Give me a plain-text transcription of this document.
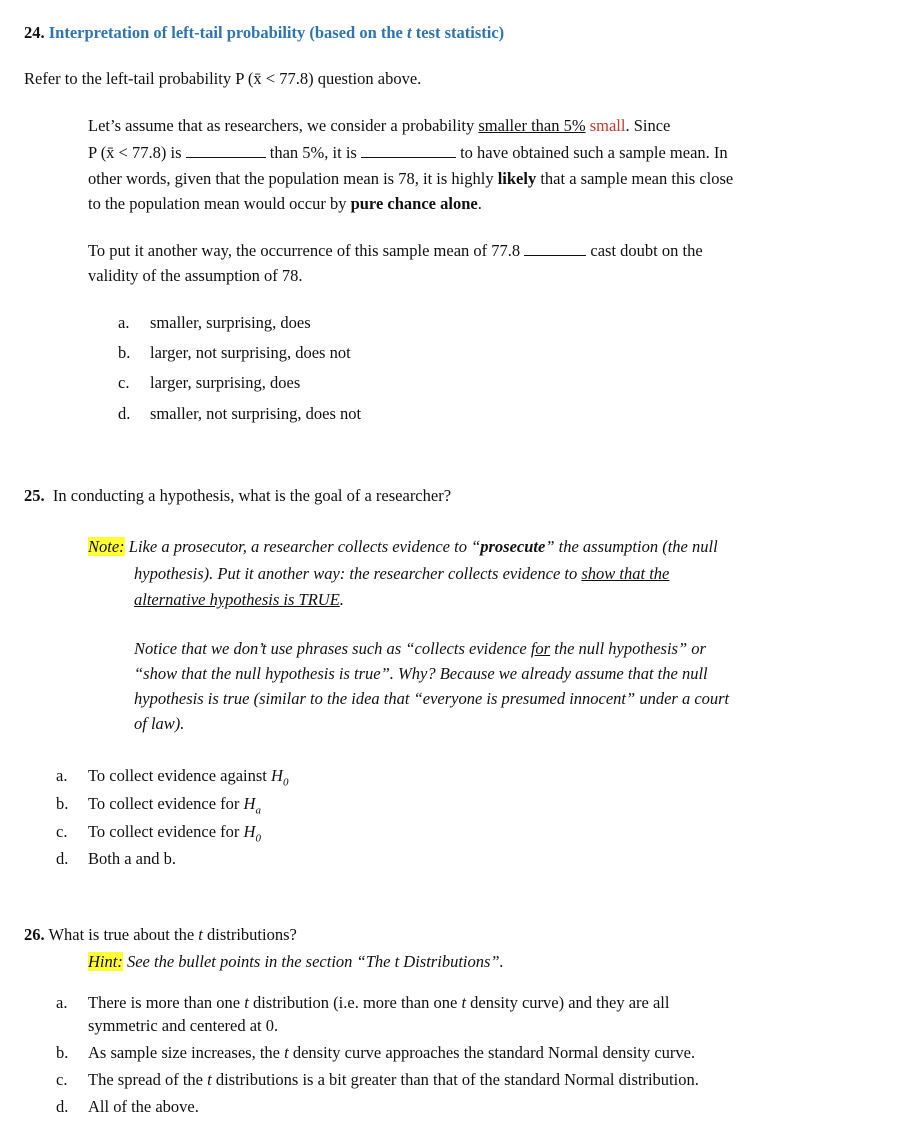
24. Interpretation of left-tail probability (based on the t test statistic)
Refer to the left-tail probability P (x̄ < 77.8) question above.
Let’s assume that as researchers, we consider a probability smaller than 5% small. Since
P (x̄ < 77.8) is	than 5%, it is	to have obtained such a sample mean. In
other words, given that the population mean is 78, it is highly likely that a sample mean this close
to the population mean would occur by pure chance alone.
To put it another way, the occurrence of this sample mean of 77.8	cast doubt on the
validity of the assumption of 78.
a. smaller, surprising, does
b. larger, not surprising, does not
c. larger, surprising, does
d. smaller, not surprising, does not
25. In conducting a hypothesis, what is the goal of a researcher?
Note: Like a prosecutor, a researcher collects evidence to “prosecute” the assumption (the null
hypothesis). Put it another way: the researcher collects evidence to show that the
alternative hypothesis is TRUE.
Notice that we don’t use phrases such as “collects evidence for the null hypothesis” or
“show that the null hypothesis is true”. Why? Because we already assume that the null
hypothesis is true (similar to the idea that “everyone is presumed innocent” under a court
of law).
a. To collect evidence against $H_0$
b. To collect evidence for $H_a$
c. To collect evidence for $H_0$
d. Both a and b.
26. What is true about the t distributions?
Hint: See the bullet points in the section “The t Distributions”.
a. There is more than one t distribution (i.e. more than one t density curve) and they are all
symmetric and centered at 0.
b. As sample size increases, the t density curve approaches the standard Normal density curve.
c. The spread of the t distributions is a bit greater than that of the standard Normal distribution.
d. All of the above.
